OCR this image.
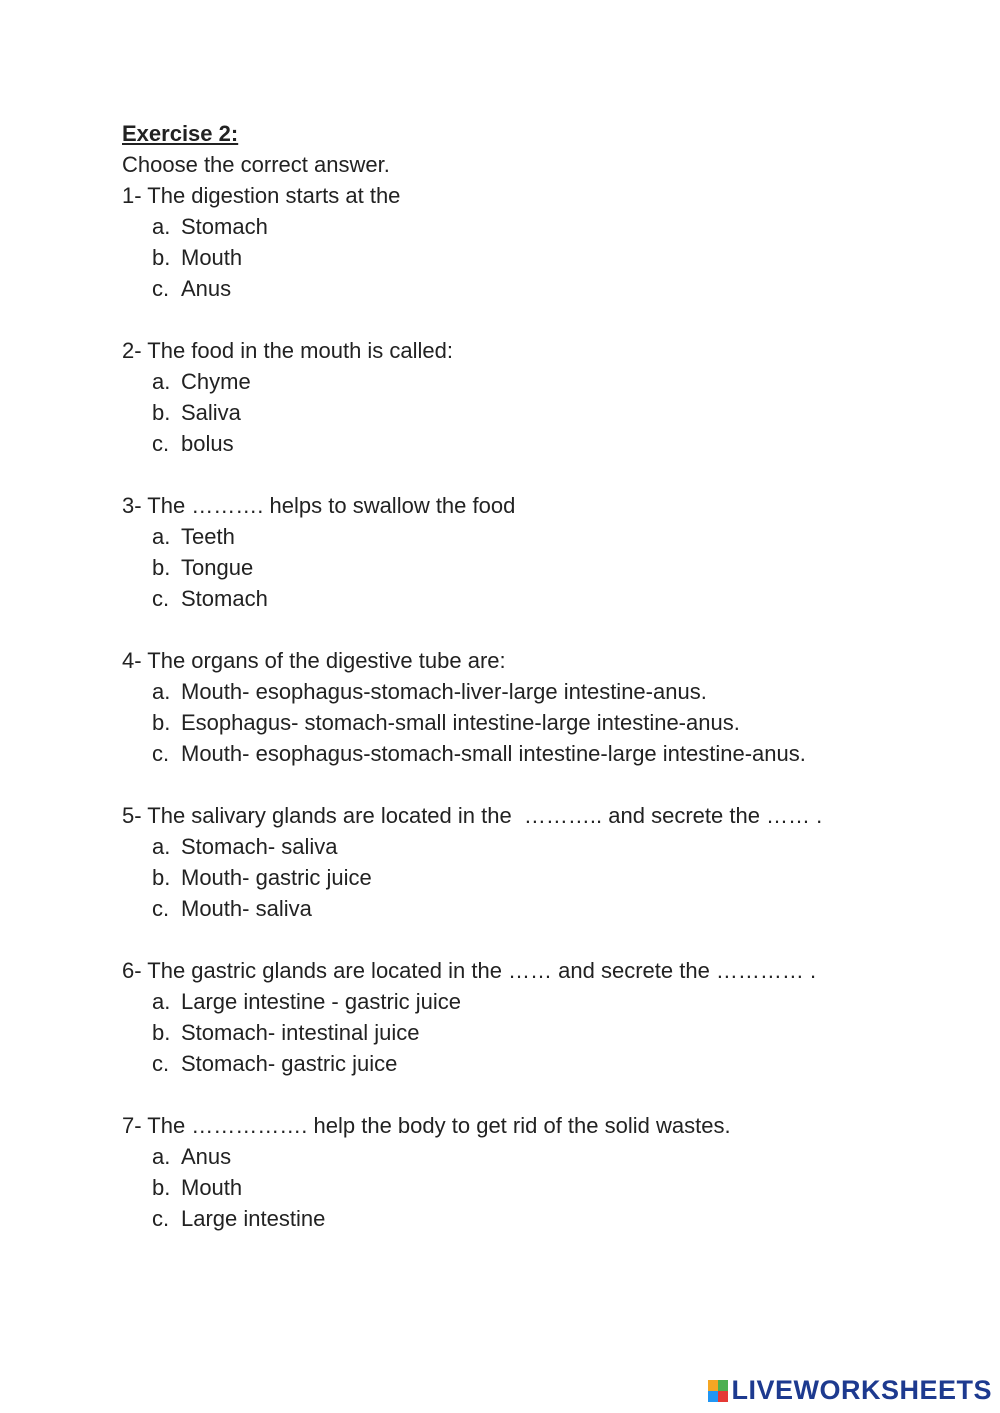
Exercise 2:

Choose the correct answer.

1- The digestion starts at the

a. Stomach
b. Mouth
c. Anus

2- The food in the mouth is called:

a. Chyme
b. Saliva
c. bolus

3- The ………. helps to swallow the food

a. Teeth
b. Tongue
c. Stomach

4- The organs of the digestive tube are:

a. Mouth- esophagus-stomach-liver-large intestine-anus.
b. Esophagus- stomach-small intestine-large intestine-anus.
c. Mouth- esophagus-stomach-small intestine-large intestine-anus.

5- The salivary glands are located in the  ……….. and secrete the …… .

a. Stomach- saliva
b. Mouth- gastric juice
c. Mouth- saliva

6- The gastric glands are located in the …… and secrete the ………… .

a. Large intestine - gastric juice
b. Stomach- intestinal juice
c. Stomach- gastric juice

7- The ……………. help the body to get rid of the solid wastes.

a. Anus
b. Mouth
c. Large intestine
LIVEWORKSHEETS
